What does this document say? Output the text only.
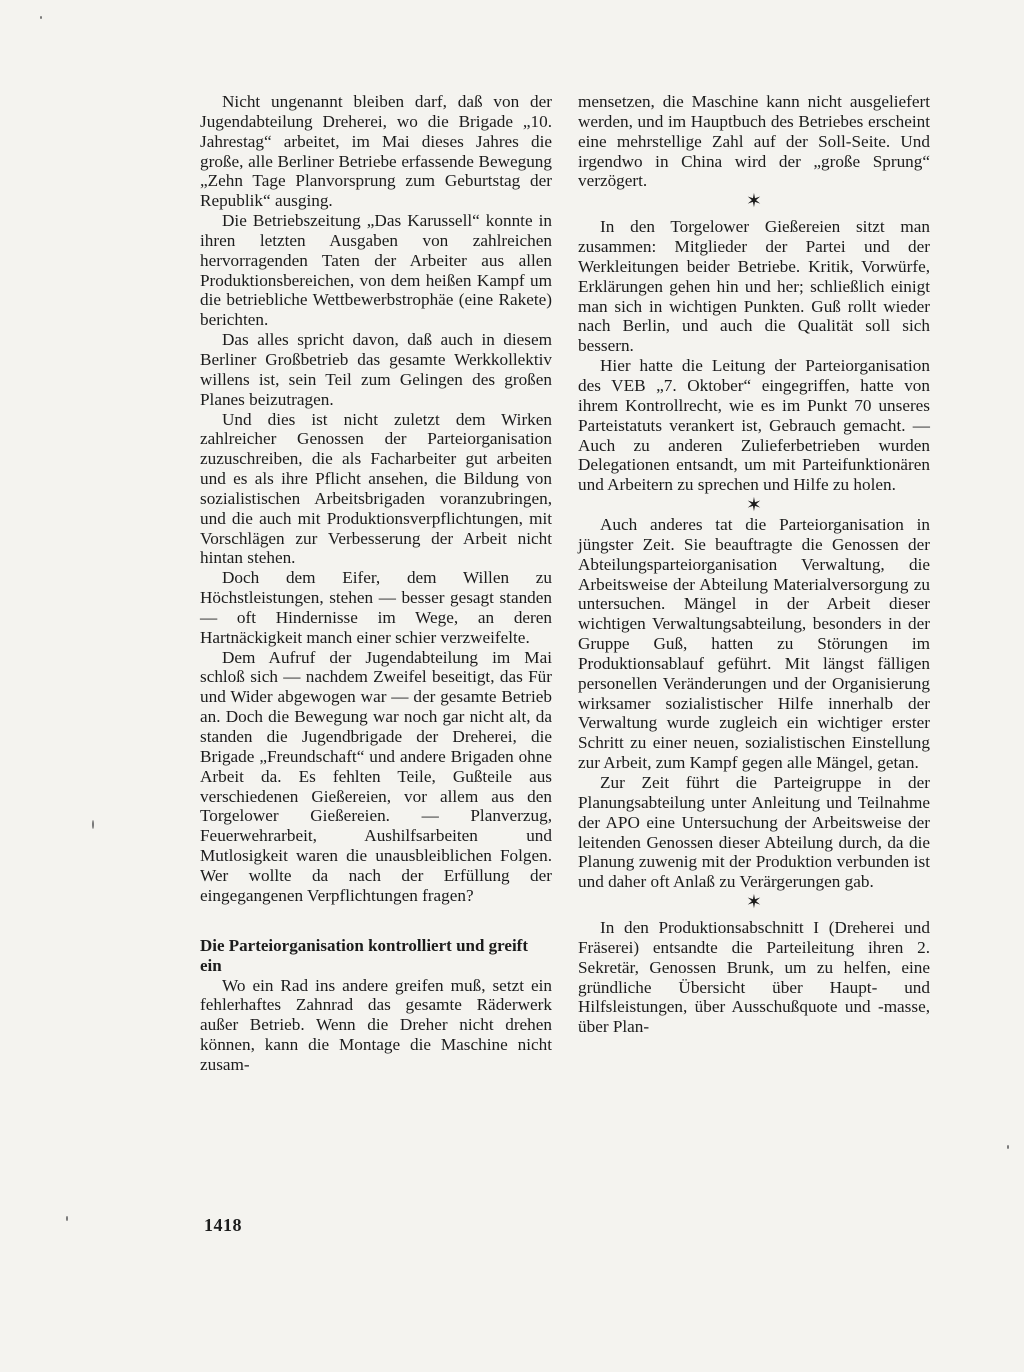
Nicht ungenannt bleiben darf, daß von der Jugendabteilung Dreherei, wo die Brigade „10. Jahrestag“ arbeitet, im Mai dieses Jahres die große, alle Berliner Betriebe erfassende Bewegung „Zehn Tage Planvorsprung zum Geburtstag der Republik“ ausging.

Die Betriebszeitung „Das Karussell“ konnte in ihren letzten Ausgaben von zahlreichen hervorragenden Taten der Arbeiter aus allen Produktionsbereichen, von dem heißen Kampf um die betriebliche Wettbewerbstrophäe (eine Rakete) berichten.

Das alles spricht davon, daß auch in diesem Berliner Großbetrieb das gesamte Werkkollektiv willens ist, sein Teil zum Gelingen des großen Planes beizutragen.

Und dies ist nicht zuletzt dem Wirken zahlreicher Genossen der Parteiorganisation zuzuschreiben, die als Facharbeiter gut arbeiten und es als ihre Pflicht ansehen, die Bildung von sozialistischen Arbeitsbrigaden voranzubringen, und die auch mit Produktionsverpflichtungen, mit Vorschlägen zur Verbesserung der Arbeit nicht hintan stehen.

Doch dem Eifer, dem Willen zu Höchstleistungen, stehen — besser gesagt standen — oft Hindernisse im Wege, an deren Hartnäckigkeit manch einer schier verzweifelte.

Dem Aufruf der Jugendabteilung im Mai schloß sich — nachdem Zweifel beseitigt, das Für und Wider abgewogen war — der gesamte Betrieb an. Doch die Bewegung war noch gar nicht alt, da standen die Jugendbrigade der Dreherei, die Brigade „Freundschaft“ und andere Brigaden ohne Arbeit da. Es fehlten Teile, Gußteile aus verschiedenen Gießereien, vor allem aus den Torgelower Gießereien. — Planverzug, Feuerwehrarbeit, Aushilfsarbeiten und Mutlosigkeit waren die unausbleiblichen Folgen. Wer wollte da nach der Erfüllung der eingegangenen Verpflichtungen fragen?

Die Parteiorganisation kontrolliert und greift ein

Wo ein Rad ins andere greifen muß, setzt ein fehlerhaftes Zahnrad das gesamte Räderwerk außer Betrieb. Wenn die Dreher nicht drehen können, kann die Montage die Maschine nicht zusam-

mensetzen, die Maschine kann nicht ausgeliefert werden, und im Hauptbuch des Betriebes erscheint eine mehrstellige Zahl auf der Soll-Seite. Und irgendwo in China wird der „große Sprung“ verzögert.

✶

In den Torgelower Gießereien sitzt man zusammen: Mitglieder der Partei und der Werkleitungen beider Betriebe. Kritik, Vorwürfe, Erklärungen gehen hin und her; schließlich einigt man sich in wichtigen Punkten. Guß rollt wieder nach Berlin, und auch die Qualität soll sich bessern.

Hier hatte die Leitung der Parteiorganisation des VEB „7. Oktober“ eingegriffen, hatte von ihrem Kontrollrecht, wie es im Punkt 70 unseres Parteistatuts verankert ist, Gebrauch gemacht. — Auch zu anderen Zulieferbetrieben wurden Delegationen entsandt, um mit Parteifunktionären und Arbeitern zu sprechen und Hilfe zu holen.

✶

Auch anderes tat die Parteiorganisation in jüngster Zeit. Sie beauftragte die Genossen der Abteilungsparteiorganisation Verwaltung, die Arbeitsweise der Abteilung Materialversorgung zu untersuchen. Mängel in der Arbeit dieser wichtigen Verwaltungsabteilung, besonders in der Gruppe Guß, hatten zu Störungen im Produktionsablauf geführt. Mit längst fälligen personellen Veränderungen und der Organisierung wirksamer sozialistischer Hilfe innerhalb der Verwaltung wurde zugleich ein wichtiger erster Schritt zu einer neuen, sozialistischen Einstellung zur Arbeit, zum Kampf gegen alle Mängel, getan.

Zur Zeit führt die Parteigruppe in der Planungsabteilung unter Anleitung und Teilnahme der APO eine Untersuchung der Arbeitsweise der leitenden Genossen dieser Abteilung durch, da die Planung zuwenig mit der Produktion verbunden ist und daher oft Anlaß zu Verärgerungen gab.

✶

In den Produktionsabschnitt I (Dreherei und Fräserei) entsandte die Parteileitung ihren 2. Sekretär, Genossen Brunk, um zu helfen, eine gründliche Übersicht über Haupt- und Hilfsleistungen, über Ausschußquote und -masse, über Plan-

1418
